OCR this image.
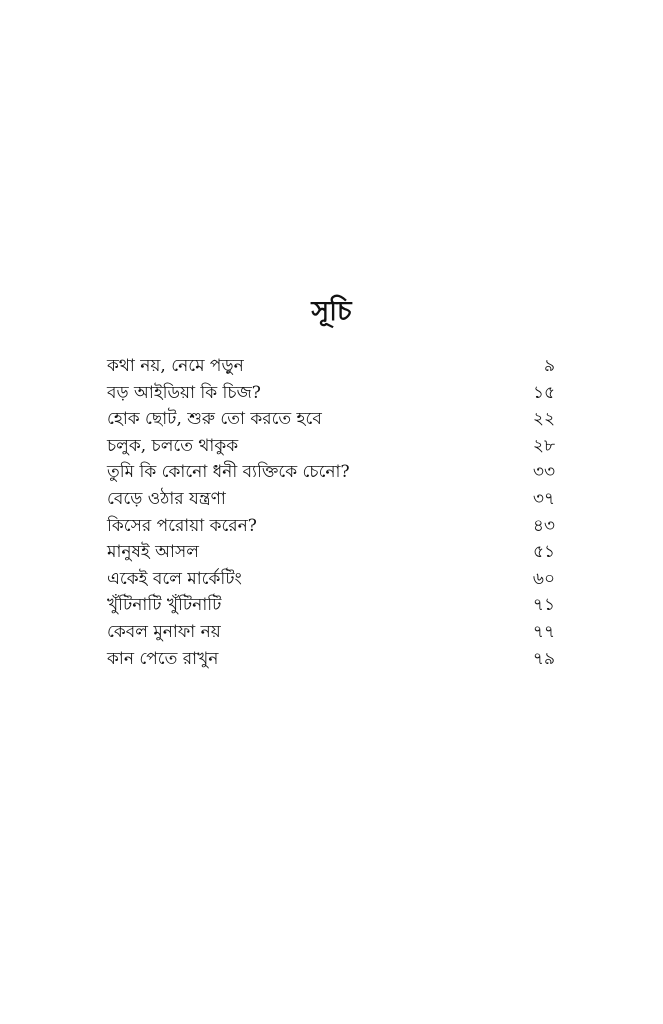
সূচি
কথা নয়, নেমে পড়ুন	৯
বড় আইডিয়া কি চিজ?	১৫
হোক ছোট, শুরু তো করতে হবে	২২
চলুক, চলতে থাকুক	২৮
তুমি কি কোনো ধনী ব্যক্তিকে চেনো?	৩৩
বেড়ে ওঠার যন্ত্রণা	৩৭
কিসের পরোয়া করেন?	৪৩
মানুষই আসল	৫১
একেই বলে মার্কেটিং	৬০
খুঁটিনাটি খুঁটিনাটি	৭১
কেবল মুনাফা নয়	৭৭
কান পেতে রাখুন	৭৯
